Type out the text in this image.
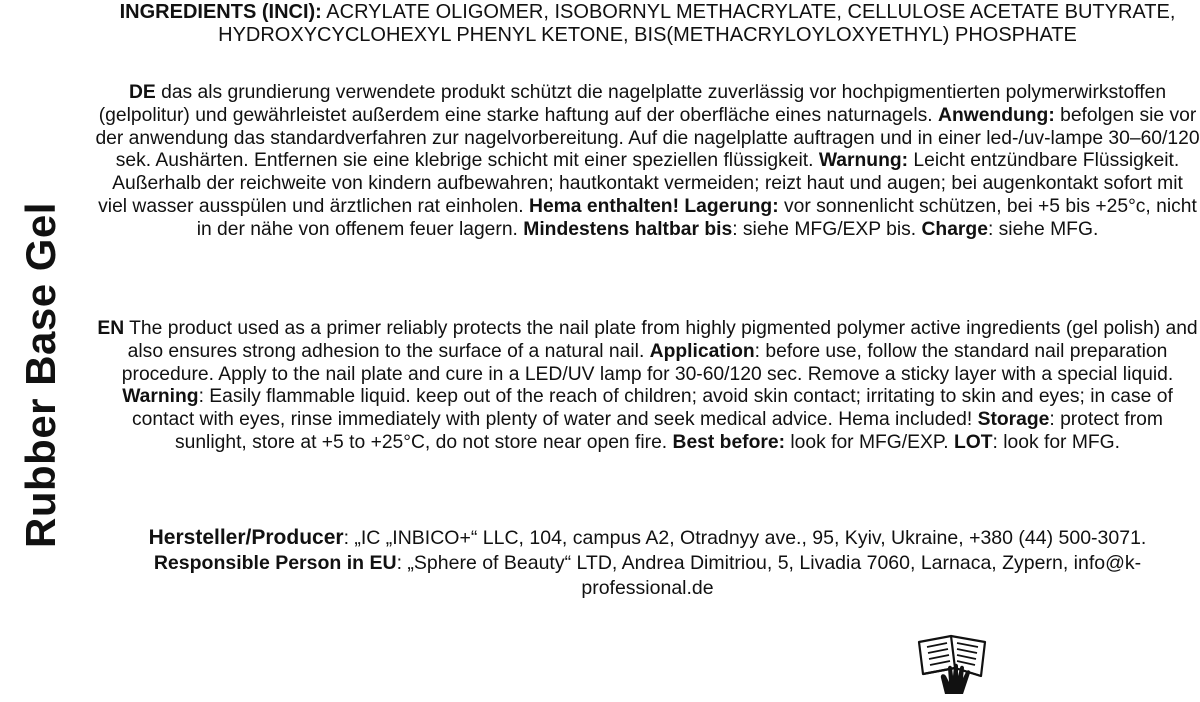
Rubber Base Gel

INGREDIENTS (INCI): ACRYLATE OLIGOMER, ISOBORNYL METHACRYLATE, CELLULOSE ACETATE BUTYRATE, HYDROXYCYCLOHEXYL PHENYL KETONE, BIS(METHACRYLOYLOXYETHYL) PHOSPHATE

DE das als grundierung verwendete produkt schützt die nagelplatte zuverlässig vor hochpigmentierten polymerwirkstoffen (gelpolitur) und gewährleistet außerdem eine starke haftung auf der oberfläche eines naturnagels. Anwendung: befolgen sie vor der anwendung das standardverfahren zur nagelvorbereitung. Auf die nagelplatte auftragen und in einer led-/uv-lampe 30–60/120 sek. Aushärten. Entfernen sie eine klebrige schicht mit einer speziellen flüssigkeit. Warnung: Leicht entzündbare Flüssigkeit. Außerhalb der reichweite von kindern aufbewahren; hautkontakt vermeiden; reizt haut und augen; bei augenkontakt sofort mit viel wasser ausspülen und ärztlichen rat einholen. Hema enthalten! Lagerung: vor sonnenlicht schützen, bei +5 bis +25°c, nicht in der nähe von offenem feuer lagern. Mindestens haltbar bis: siehe MFG/EXP bis. Charge: siehe MFG.

EN The product used as a primer reliably protects the nail plate from highly pigmented polymer active ingredients (gel polish) and also ensures strong adhesion to the surface of a natural nail. Application: before use, follow the standard nail preparation procedure. Apply to the nail plate and cure in a LED/UV lamp for 30-60/120 sec. Remove a sticky layer with a special liquid. Warning: Easily flammable liquid. keep out of the reach of children; avoid skin contact; irritating to skin and eyes; in case of contact with eyes, rinse immediately with plenty of water and seek medical advice. Hema included! Storage: protect from sunlight, store at +5 to +25°C, do not store near open fire. Best before: look for MFG/EXP. LOT: look for MFG.

Hersteller/Producer: „IC „INBICO+“ LLC, 104, campus A2, Otradnyy ave., 95, Kyiv, Ukraine, +380 (44) 500-3071.
Responsible Person in EU: „Sphere of Beauty“ LTD, Andrea Dimitriou, 5, Livadia 7060, Larnaca, Zypern, info@k-professional.de
